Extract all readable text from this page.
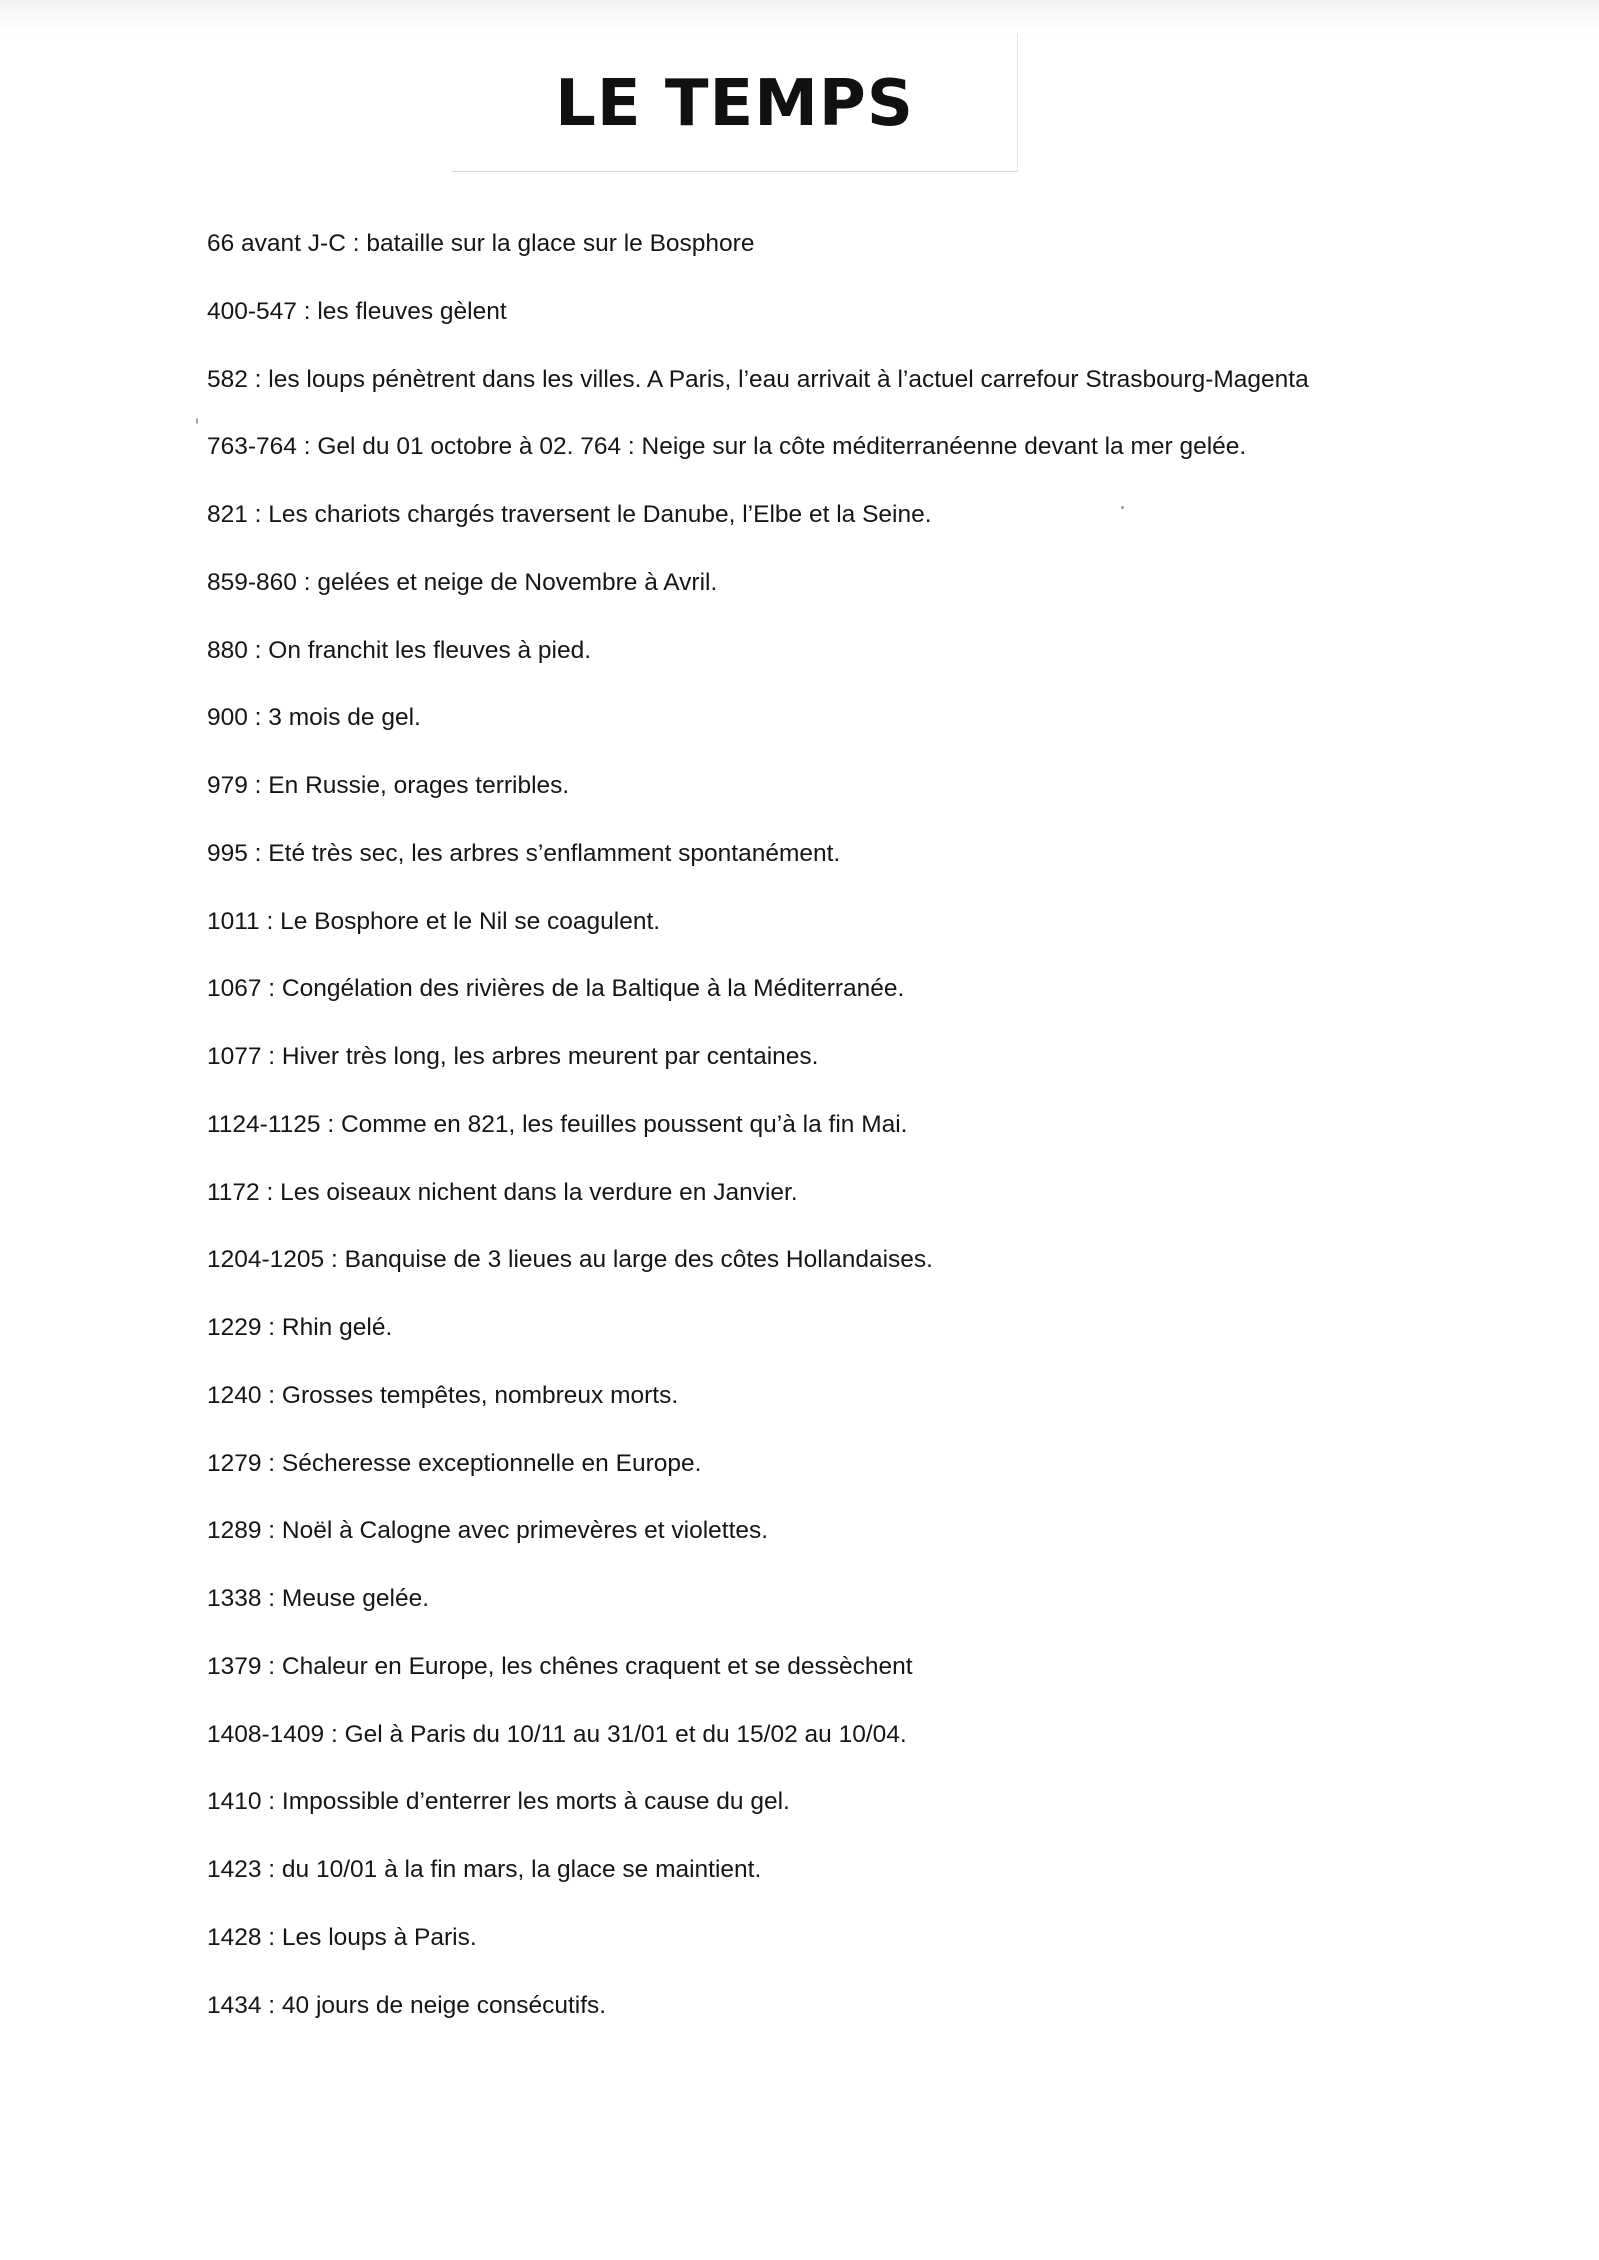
LE TEMPS
66 avant J-C : bataille sur la glace sur le Bosphore
400-547 : les fleuves gèlent
582 : les loups pénètrent dans les villes. A Paris, l’eau arrivait à l’actuel carrefour Strasbourg-Magenta
763-764 : Gel du 01 octobre à 02. 764 : Neige sur la côte méditerranéenne devant la mer gelée.
821 : Les chariots chargés traversent le Danube, l’Elbe et la Seine.
859-860 : gelées et neige de Novembre à Avril.
880 : On franchit les fleuves à pied.
900 : 3 mois de gel.
979 : En Russie, orages terribles.
995 : Eté très sec, les arbres s’enflamment spontanément.
1011 : Le Bosphore et le Nil se coagulent.
1067 : Congélation des rivières de la Baltique à la Méditerranée.
1077 : Hiver très long, les arbres meurent par centaines.
1124-1125 : Comme en 821, les feuilles poussent qu’à la fin Mai.
1172 : Les oiseaux nichent dans la verdure en Janvier.
1204-1205 : Banquise de 3 lieues au large des côtes Hollandaises.
1229 : Rhin gelé.
1240 : Grosses tempêtes, nombreux morts.
1279 : Sécheresse exceptionnelle en Europe.
1289 : Noël à Calogne avec primevères et violettes.
1338 : Meuse gelée.
1379 : Chaleur en Europe, les chênes craquent et se dessèchent
1408-1409 : Gel à Paris du 10/11 au 31/01 et du 15/02 au 10/04.
1410 : Impossible d’enterrer les morts à cause du gel.
1423 : du 10/01 à la fin mars, la glace se maintient.
1428 : Les loups à Paris.
1434 : 40 jours de neige consécutifs.
